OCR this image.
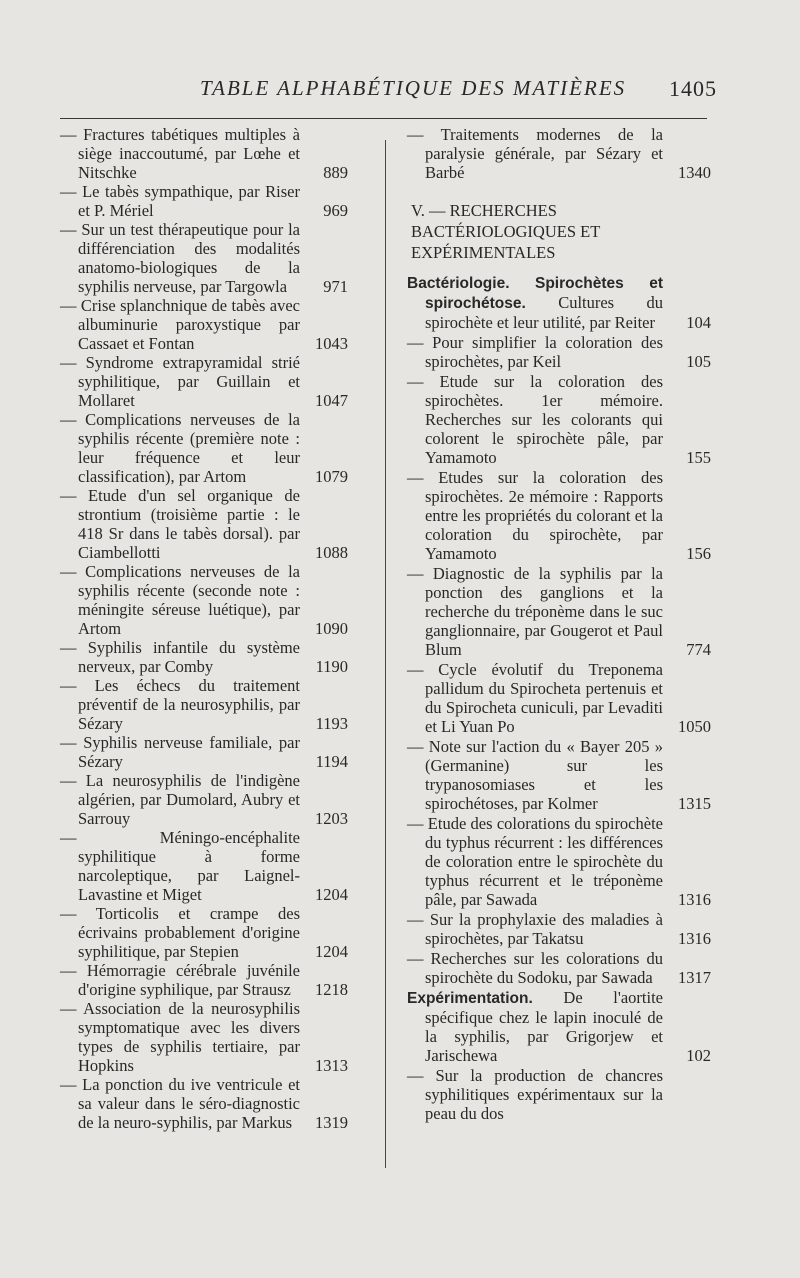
TABLE ALPHABÉTIQUE DES MATIÈRES 1405
— Fractures tabétiques multiples à siège inaccoutumé, par Lœhe et Nitschke	889
— Le tabès sympathique, par Riser et P. Mériel	969
— Sur un test thérapeutique pour la différenciation des modalités anatomo-biologiques de la syphilis nerveuse, par Targowla	971
— Crise splanchnique de tabès avec albuminurie paroxystique par Cassaet et Fontan	1043
— Syndrome extrapyramidal strié syphilitique, par Guillain et Mollaret	1047
— Complications nerveuses de la syphilis récente (première note : leur fréquence et leur classification), par Artom	1079
— Etude d'un sel organique de strontium (troisième partie : le 418 Sr dans le tabès dorsal). par Ciambellotti	1088
— Complications nerveuses de la syphilis récente (seconde note : méningite séreuse luétique), par Artom	1090
— Syphilis infantile du système nerveux, par Comby	1190
— Les échecs du traitement préventif de la neurosyphilis, par Sézary	1193
— Syphilis nerveuse familiale, par Sézary	1194
— La neurosyphilis de l'indigène algérien, par Dumolard, Aubry et Sarrouy	1203
— Méningo-encéphalite syphilitique à forme narcoleptique, par Laignel-Lavastine et Miget	1204
— Torticolis et crampe des écrivains probablement d'origine syphilitique, par Stepien	1204
— Hémorragie cérébrale juvénile d'origine syphilique, par Strausz	1218
— Association de la neurosyphilis symptomatique avec les divers types de syphilis tertiaire, par Hopkins	1313
— La ponction du ive ventricule et sa valeur dans le séro-diagnostic de la neuro-syphilis, par Markus	1319
— Traitements modernes de la paralysie générale, par Sézary et Barbé	1340
V. — RECHERCHES BACTÉRIOLOGIQUES ET EXPÉRIMENTALES
Bactériologie. Spirochètes et spirochétose. Cultures du spirochète et leur utilité, par Reiter	104
— Pour simplifier la coloration des spirochètes, par Keil	105
— Etude sur la coloration des spirochètes. 1er mémoire. Recherches sur les colorants qui colorent le spirochète pâle, par Yamamoto	155
— Etudes sur la coloration des spirochètes. 2e mémoire : Rapports entre les propriétés du colorant et la coloration du spirochète, par Yamamoto	156
— Diagnostic de la syphilis par la ponction des ganglions et la recherche du tréponème dans le suc ganglionnaire, par Gougerot et Paul Blum	774
— Cycle évolutif du Treponema pallidum du Spirocheta pertenuis et du Spirocheta cuniculi, par Levaditi et Li Yuan Po	1050
— Note sur l'action du « Bayer 205 » (Germanine) sur les trypanosomiases et les spirochétoses, par Kolmer	1315
— Etude des colorations du spirochète du typhus récurrent : les différences de coloration entre le spirochète du typhus récurrent et le tréponème pâle, par Sawada	1316
— Sur la prophylaxie des maladies à spirochètes, par Takatsu	1316
— Recherches sur les colorations du spirochète du Sodoku, par Sawada	1317
Expérimentation. De l'aortite spécifique chez le lapin inoculé de la syphilis, par Grigorjew et Jarischewa	102
— Sur la production de chancres syphilitiques expérimentaux sur la peau du dos
